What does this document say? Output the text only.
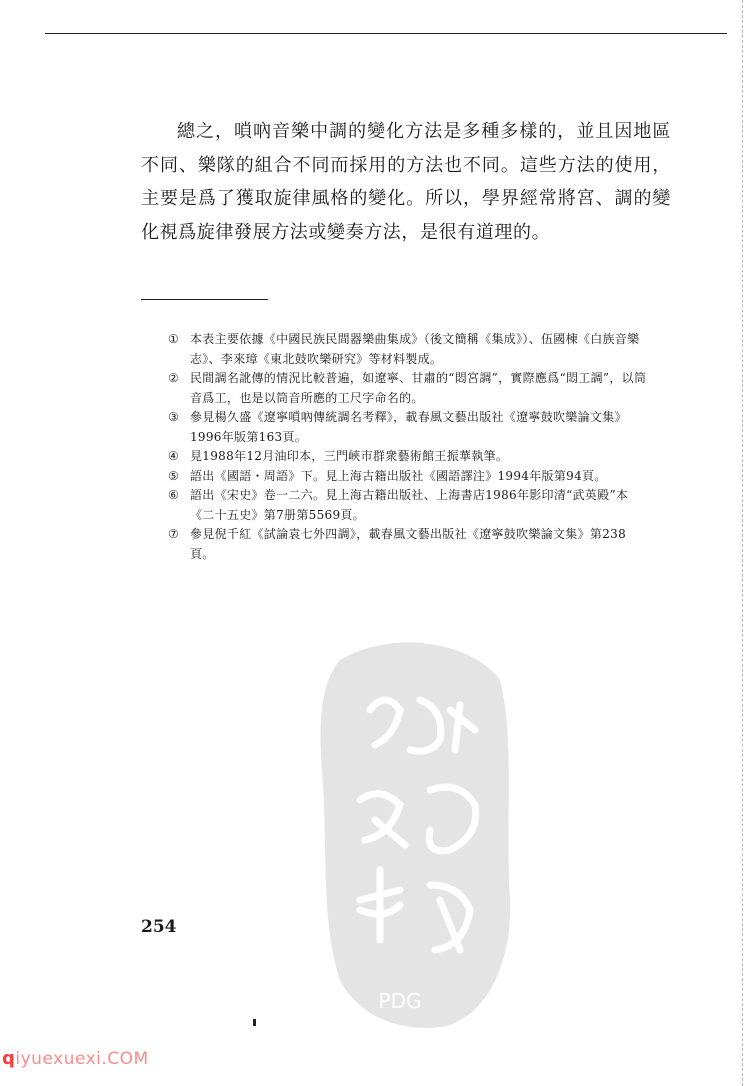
總之，嗩吶音樂中調的變化方法是多種多樣的，並且因地區不同、樂隊的組合不同而採用的方法也不同。這些方法的使用，主要是爲了獲取旋律風格的變化。所以，學界經常將宮、調的變化視爲旋律發展方法或變奏方法，是很有道理的。

① 本表主要依據《中國民族民間器樂曲集成》（後文簡稱《集成》）、伍國棟《白族音樂志》、李來璋《東北鼓吹樂研究》等材料製成。

② 民間調名訛傳的情況比較普遍，如遼寧、甘肅的“悶宮調”，實際應爲“悶工調”，以筒音爲工，也是以筒音所應的工尺字命名的。

③ 參見楊久盛《遼寧嗩吶傳統調名考釋》，載春風文藝出版社《遼寧鼓吹樂論文集》1996年版第163頁。

④ 見1988年12月油印本，三門峽市群衆藝術館王振華執筆。

⑤ 語出《國語・周語》下。見上海古籍出版社《國語譯注》1994年版第94頁。

⑥ 語出《宋史》卷一二六。見上海古籍出版社、上海書店1986年影印清“武英殿”本《二十五史》第7册第5569頁。

⑦ 參見倪千紅《試論袁七外四調》，載春風文藝出版社《遼寧鼓吹樂論文集》第238頁。

PDG
254
qiyuexuexi.COM
